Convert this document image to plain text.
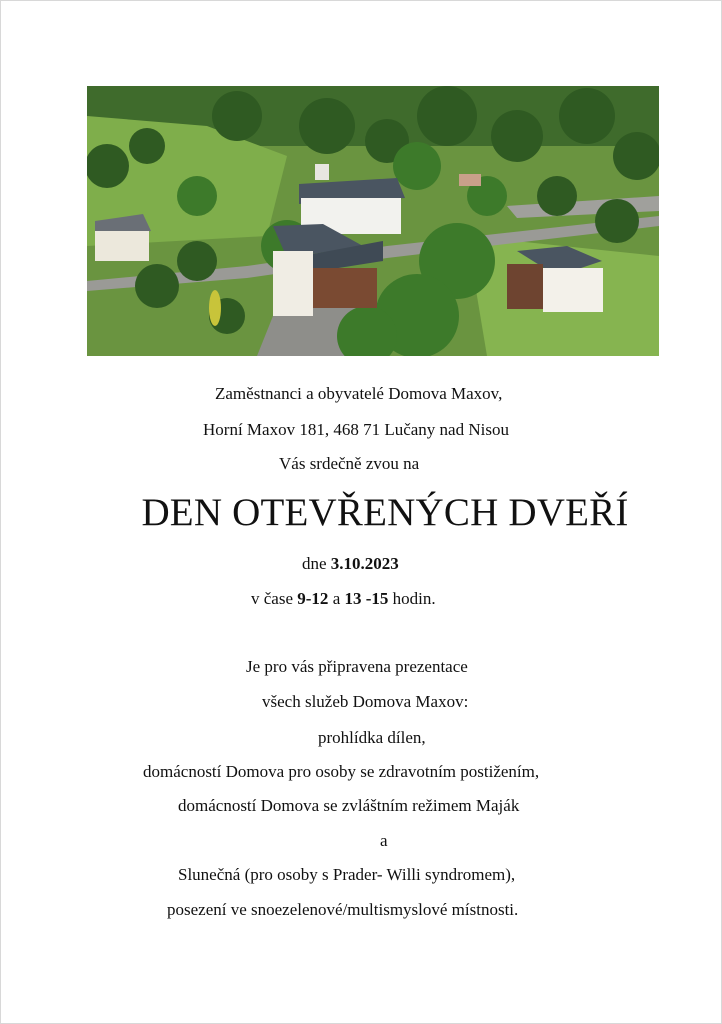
Zaměstnanci a obyvatelé Domova Maxov,
Horní Maxov 181, 468 71 Lučany nad Nisou
Vás srdečně zvou na
DEN OTEVŘENÝCH DVEŘÍ
dne 3.10.2023
v čase 9-12 a 13 -15 hodin.
Je pro vás připravena prezentace
všech služeb Domova Maxov:
prohlídka dílen,
domácností Domova pro osoby se zdravotním postižením,
domácností Domova se zvláštním režimem Maják
a
Slunečná (pro osoby s Prader- Willi syndromem),
posezení ve snoezelenové/multismyslové místnosti.
